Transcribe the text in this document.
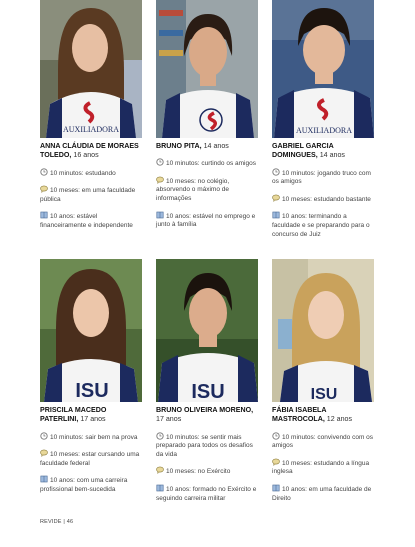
AUXILIADORA
ANNA CLÁUDIA DE MORAES TOLEDO, 16 anos
10 minutos: estudando
10 meses: em uma faculdade pública
10 anos: estável financeiramente e independente
BRUNO PITA, 14 anos
10 minutos: curtindo os amigos
10 meses: no colégio, absorvendo o máximo de informações
10 anos: estável no emprego e junto à família
AUXILIADORA
GABRIEL GARCIA DOMINGUES, 14 anos
10 minutos: jogando truco com os amigos
10 meses: estudando bastante
10 anos: terminando a faculdade e se preparando para o concurso de Juiz
ISU
PRISCILA MACEDO PATERLINI, 17 anos
10 minutos: sair bem na prova
10 meses: estar cursando uma faculdade federal
10 anos: com uma carreira profissional bem-sucedida
ISU
BRUNO OLIVEIRA MORENO, 17 anos
10 minutos: se sentir mais preparado para todos os desafios da vida
10 meses: no Exército
10 anos: formado no Exército e seguindo carreira militar
ISU
FÁBIA ISABELA MASTROCOLA, 12 anos
10 minutos: convivendo com os amigos
10 meses: estudando a língua inglesa
10 anos: em uma faculdade de Direito
REVIDE | 46
